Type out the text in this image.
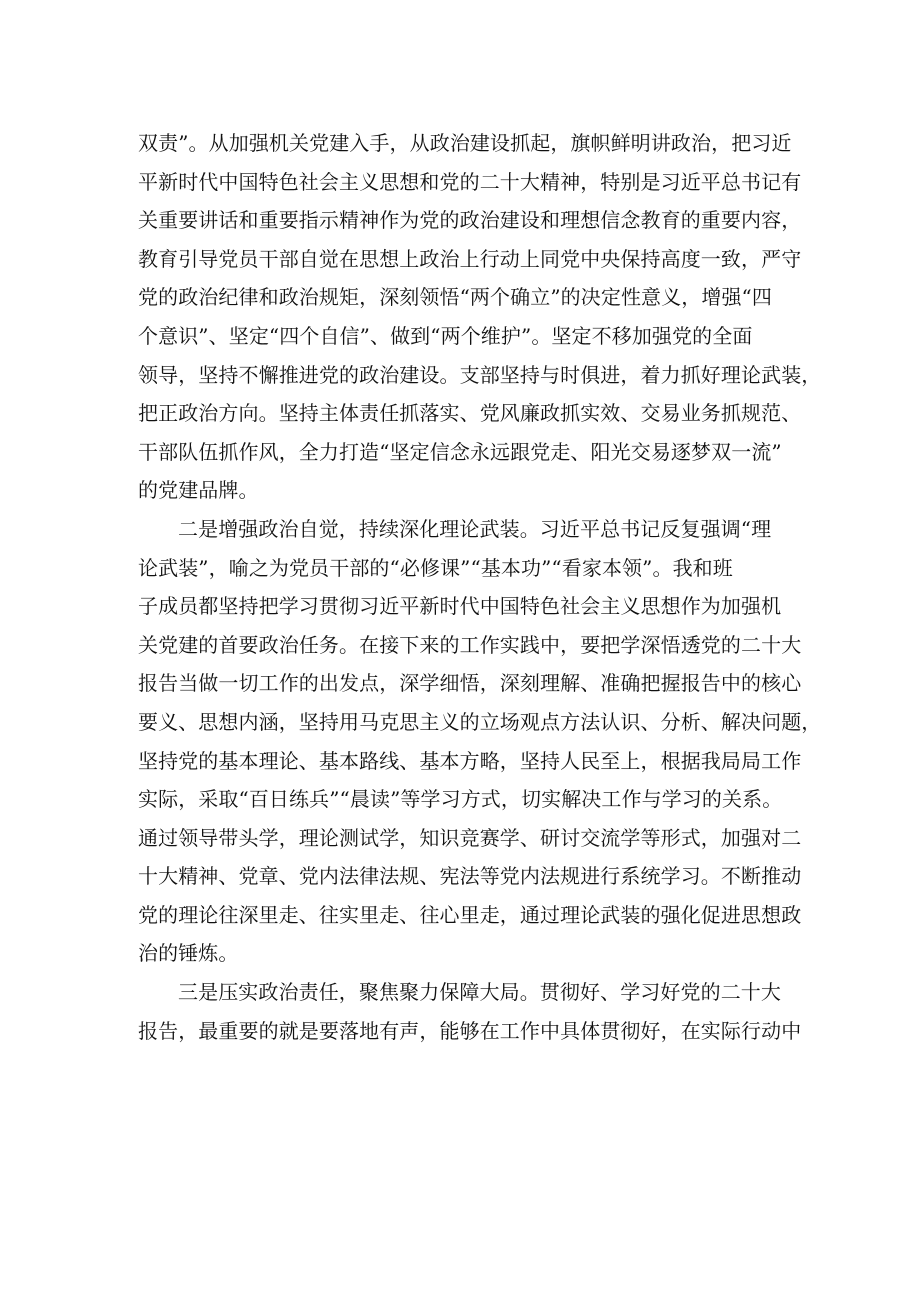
双责”。从加强机关党建入手，从政治建设抓起，旗帜鲜明讲政治，把习近
平新时代中国特色社会主义思想和党的二十大精神，特别是习近平总书记有
关重要讲话和重要指示精神作为党的政治建设和理想信念教育的重要内容，
教育引导党员干部自觉在思想上政治上行动上同党中央保持高度一致，严守
党的政治纪律和政治规矩，深刻领悟“两个确立”的决定性意义，增强“四
个意识”、坚定“四个自信”、做到“两个维护”。坚定不移加强党的全面
领导，坚持不懈推进党的政治建设。支部坚持与时俱进，着力抓好理论武装，
把正政治方向。坚持主体责任抓落实、党风廉政抓实效、交易业务抓规范、
干部队伍抓作风，全力打造“坚定信念永远跟党走、阳光交易逐梦双一流”
的党建品牌。
二是增强政治自觉，持续深化理论武装。习近平总书记反复强调“理
论武装”，喻之为党员干部的“必修课”“基本功”“看家本领”。我和班
子成员都坚持把学习贯彻习近平新时代中国特色社会主义思想作为加强机
关党建的首要政治任务。在接下来的工作实践中，要把学深悟透党的二十大
报告当做一切工作的出发点，深学细悟，深刻理解、准确把握报告中的核心
要义、思想内涵，坚持用马克思主义的立场观点方法认识、分析、解决问题，
坚持党的基本理论、基本路线、基本方略，坚持人民至上，根据我局局工作
实际，采取“百日练兵”“晨读”等学习方式，切实解决工作与学习的关系。
通过领导带头学，理论测试学，知识竞赛学、研讨交流学等形式，加强对二
十大精神、党章、党内法律法规、宪法等党内法规进行系统学习。不断推动
党的理论往深里走、往实里走、往心里走，通过理论武装的强化促进思想政
治的锤炼。
三是压实政治责任，聚焦聚力保障大局。贯彻好、学习好党的二十大
报告，最重要的就是要落地有声，能够在工作中具体贯彻好，在实际行动中
